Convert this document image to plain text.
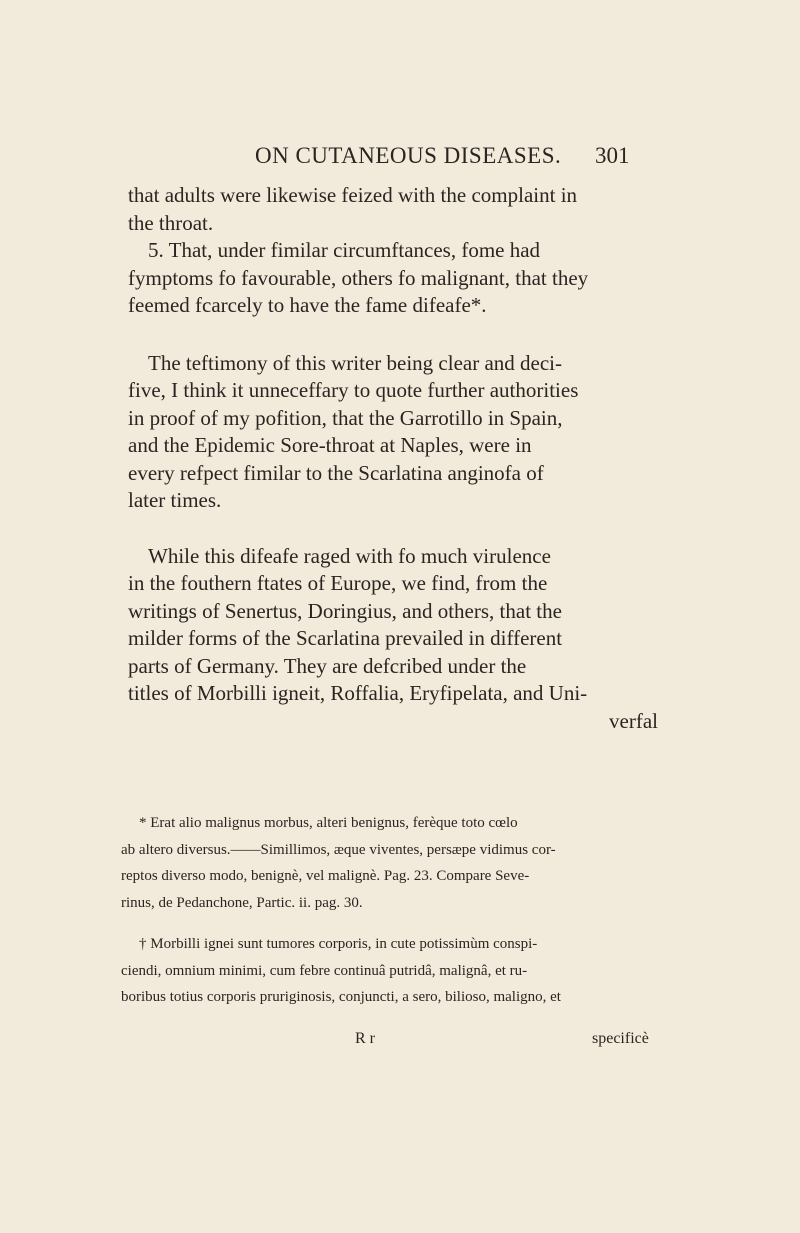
ON CUTANEOUS DISEASES. 301
that adults were likewise feized with the complaint in
the throat.
5. That, under fimilar circumftances, fome had
fymptoms fo favourable, others fo malignant, that they
feemed fcarcely to have the fame difeafe*.
The teftimony of this writer being clear and deci-
five, I think it unneceffary to quote further authorities
in proof of my pofition, that the Garrotillo in Spain,
and the Epidemic Sore-throat at Naples, were in
every refpect fimilar to the Scarlatina anginofa of
later times.
While this difeafe raged with fo much virulence
in the fouthern ftates of Europe, we find, from the
writings of Senertus, Doringius, and others, that the
milder forms of the Scarlatina prevailed in different
parts of Germany. They are defcribed under the
titles of Morbilli igneit, Roffalia, Eryfipelata, and Uni-
verfal
* Erat alio malignus morbus, alteri benignus, ferèque toto cœlo
ab altero diversus.——Simillimos, æque viventes, persæpe vidimus cor-
reptos diverso modo, benignè, vel malignè. Pag. 23. Compare Seve-
rinus, de Pedanchone, Partic. ii. pag. 30.
† Morbilli ignei sunt tumores corporis, in cute potissimùm conspi-
ciendi, omnium minimi, cum febre continuâ putridâ, malignâ, et ru-
boribus totius corporis pruriginosis, conjuncti, a sero, bilioso, maligno, et
R r	specificè
